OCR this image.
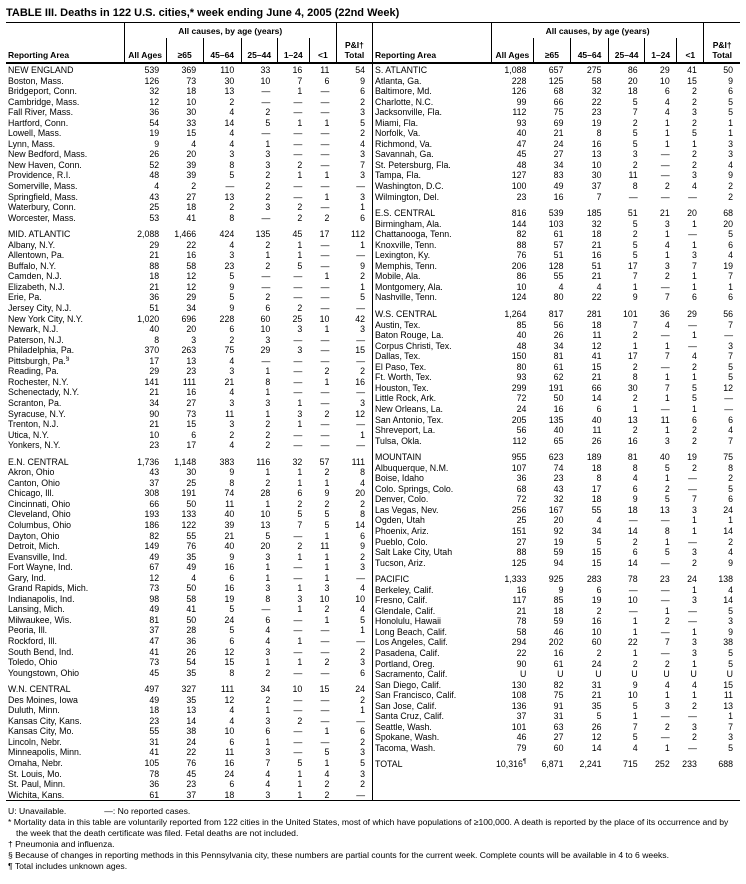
TABLE III. Deaths in 122 U.S. cities,* week ending June 4, 2005 (22nd Week)
	All causes, by age (years)						
Reporting Area	All Ages	≥65	45–64	25–44	1–24	<1	P&I† Total
NEW ENGLAND	539	369	110	33	16	11	54
Boston, Mass.	126	73	30	10	7	6	9
Bridgeport, Conn.	32	18	13	—	1	—	6
Cambridge, Mass.	12	10	2	—	—	—	2
Fall River, Mass.	36	30	4	2	—	—	3
Hartford, Conn.	54	33	14	5	1	1	5
Lowell, Mass.	19	15	4	—	—	—	2
Lynn, Mass.	9	4	4	1	—	—	4
New Bedford, Mass.	26	20	3	3	—	—	3
New Haven, Conn.	52	39	8	3	2	—	7
Providence, R.I.	48	39	5	2	1	1	3
Somerville, Mass.	4	2	—	2	—	—	—
Springfield, Mass.	43	27	13	2	—	1	3
Waterbury, Conn.	25	18	2	3	2	—	1
Worcester, Mass.	53	41	8	—	2	2	6

MID. ATLANTIC	2,088	1,466	424	135	45	17	112
Albany, N.Y.	29	22	4	2	1	—	1
Allentown, Pa.	21	16	3	1	1	—	—
Buffalo, N.Y.	88	58	23	2	5	—	9
Camden, N.J.	18	12	5	—	—	1	2
Elizabeth, N.J.	21	12	9	—	—	—	1
Erie, Pa.	36	29	5	2	—	—	5
Jersey City, N.J.	51	34	9	6	2	—	—
New York City, N.Y.	1,020	696	228	60	25	10	42
Newark, N.J.	40	20	6	10	3	1	3
Paterson, N.J.	8	3	2	3	—	—	—
Philadelphia, Pa.	370	263	75	29	3	—	15
Pittsburgh, Pa.§	17	13	4	—	—	—	—
Reading, Pa.	29	23	3	1	—	2	2
Rochester, N.Y.	141	111	21	8	—	1	16
Schenectady, N.Y.	21	16	4	1	—	—	—
Scranton, Pa.	34	27	3	3	1	—	3
Syracuse, N.Y.	90	73	11	1	3	2	12
Trenton, N.J.	21	15	3	2	1	—	—
Utica, N.Y.	10	6	2	2	—	—	1
Yonkers, N.Y.	23	17	4	2	—	—	—

E.N. CENTRAL	1,736	1,148	383	116	32	57	111
Akron, Ohio	43	30	9	1	1	2	8
Canton, Ohio	37	25	8	2	1	1	4
Chicago, Ill.	308	191	74	28	6	9	20
Cincinnati, Ohio	66	50	11	1	2	2	2
Cleveland, Ohio	193	133	40	10	5	5	8
Columbus, Ohio	186	122	39	13	7	5	14
Dayton, Ohio	82	55	21	5	—	1	6
Detroit, Mich.	149	76	40	20	2	11	9
Evansville, Ind.	49	35	9	3	1	1	2
Fort Wayne, Ind.	67	49	16	1	—	1	3
Gary, Ind.	12	4	6	1	—	1	—
Grand Rapids, Mich.	73	50	16	3	1	3	4
Indianapolis, Ind.	98	58	19	8	3	10	10
Lansing, Mich.	49	41	5	—	1	2	4
Milwaukee, Wis.	81	50	24	6	—	1	5
Peoria, Ill.	37	28	5	4	—	—	1
Rockford, Ill.	47	36	6	4	1	—	—
South Bend, Ind.	41	26	12	3	—	—	2
Toledo, Ohio	73	54	15	1	1	2	3
Youngstown, Ohio	45	35	8	2	—	—	6

W.N. CENTRAL	497	327	111	34	10	15	24
Des Moines, Iowa	49	35	12	2	—	—	2
Duluth, Minn.	18	13	4	1	—	—	1
Kansas City, Kans.	23	14	4	3	2	—	—
Kansas City, Mo.	55	38	10	6	—	1	6
Lincoln, Nebr.	31	24	6	1	—	—	2
Minneapolis, Minn.	41	22	11	3	—	5	3
Omaha, Nebr.	105	76	16	7	5	1	5
St. Louis, Mo.	78	45	24	4	1	4	3
St. Paul, Minn.	36	23	6	4	1	2	2
Wichita, Kans.	61	37	18	3	1	2	—
	All causes, by age (years)						
Reporting Area	All Ages	≥65	45–64	25–44	1–24	<1	P&I† Total
S. ATLANTIC	1,088	657	275	86	29	41	50
Atlanta, Ga.	228	125	58	20	10	15	9
Baltimore, Md.	126	68	32	18	6	2	6
Charlotte, N.C.	99	66	22	5	4	2	5
Jacksonville, Fla.	112	75	23	7	4	3	5
Miami, Fla.	93	69	19	2	1	2	1
Norfolk, Va.	40	21	8	5	1	5	1
Richmond, Va.	47	24	16	5	1	1	3
Savannah, Ga.	45	27	13	3	—	2	3
St. Petersburg, Fla.	48	34	10	2	—	2	4
Tampa, Fla.	127	83	30	11	—	3	9
Washington, D.C.	100	49	37	8	2	4	2
Wilmington, Del.	23	16	7	—	—	—	2

E.S. CENTRAL	816	539	185	51	21	20	68
Birmingham, Ala.	144	103	32	5	3	1	20
Chattanooga, Tenn.	82	61	18	2	1	—	5
Knoxville, Tenn.	88	57	21	5	4	1	6
Lexington, Ky.	76	51	16	5	1	3	4
Memphis, Tenn.	206	128	51	17	3	7	19
Mobile, Ala.	86	55	21	7	2	1	7
Montgomery, Ala.	10	4	4	1	—	1	1
Nashville, Tenn.	124	80	22	9	7	6	6

W.S. CENTRAL	1,264	817	281	101	36	29	56
Austin, Tex.	85	56	18	7	4	—	7
Baton Rouge, La.	40	26	11	2	—	1	—
Corpus Christi, Tex.	48	34	12	1	1	—	3
Dallas, Tex.	150	81	41	17	7	4	7
El Paso, Tex.	80	61	15	2	—	2	5
Ft. Worth, Tex.	93	62	21	8	1	1	5
Houston, Tex.	299	191	66	30	7	5	12
Little Rock, Ark.	72	50	14	2	1	5	—
New Orleans, La.	24	16	6	1	—	1	—
San Antonio, Tex.	205	135	40	13	11	6	6
Shreveport, La.	56	40	11	2	1	2	4
Tulsa, Okla.	112	65	26	16	3	2	7

MOUNTAIN	955	623	189	81	40	19	75
Albuquerque, N.M.	107	74	18	8	5	2	8
Boise, Idaho	36	23	8	4	1	—	2
Colo. Springs, Colo.	68	43	17	6	2	—	5
Denver, Colo.	72	32	18	9	5	7	6
Las Vegas, Nev.	256	167	55	18	13	3	24
Ogden, Utah	25	20	4	—	—	1	1
Phoenix, Ariz.	151	92	34	14	8	1	14
Pueblo, Colo.	27	19	5	2	1	—	2
Salt Lake City, Utah	88	59	15	6	5	3	4
Tucson, Ariz.	125	94	15	14	—	2	9

PACIFIC	1,333	925	283	78	23	24	138
Berkeley, Calif.	16	9	6	—	—	1	4
Fresno, Calif.	117	85	19	10	—	3	14
Glendale, Calif.	21	18	2	—	1	—	5
Honolulu, Hawaii	78	59	16	1	2	—	3
Long Beach, Calif.	58	46	10	1	—	1	9
Los Angeles, Calif.	294	202	60	22	7	3	38
Pasadena, Calif.	22	16	2	1	—	3	5
Portland, Oreg.	90	61	24	2	2	1	5
Sacramento, Calif.	U	U	U	U	U	U	U
San Diego, Calif.	130	82	31	9	4	4	15
San Francisco, Calif.	108	75	21	10	1	1	11
San Jose, Calif.	136	91	35	5	3	2	13
Santa Cruz, Calif.	37	31	5	1	—	—	1
Seattle, Wash.	101	63	26	7	2	3	7
Spokane, Wash.	46	27	12	5	—	2	3
Tacoma, Wash.	79	60	14	4	1	—	5

TOTAL	10,316¶	6,871	2,241	715	252	233	688

U: Unavailable.	—: No reported cases.

* Mortality data in this table are voluntarily reported from 122 cities in the United States, most of which have populations of ≥100,000. A death is reported by the place of its occurrence and by the week that the death certificate was filed. Fetal deaths are not included.

† Pneumonia and influenza.

§ Because of changes in reporting methods in this Pennsylvania city, these numbers are partial counts for the current week. Complete counts will be available in 4 to 6 weeks.

¶ Total includes unknown ages.
